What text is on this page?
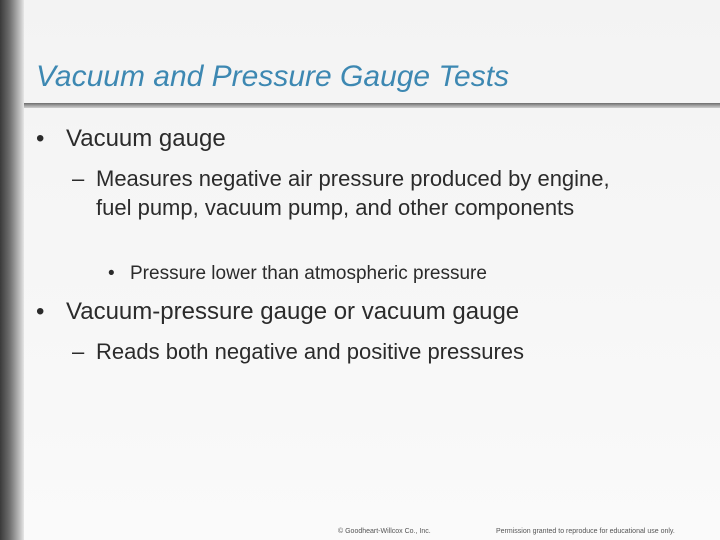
Vacuum and Pressure Gauge Tests
• Vacuum gauge
– Measures negative air pressure produced by engine, fuel pump, vacuum pump, and other components
• Pressure lower than atmospheric pressure
• Vacuum-pressure gauge or vacuum gauge
– Reads both negative and positive pressures
© Goodheart-Willcox Co., Inc.	Permission granted to reproduce for educational use only.
